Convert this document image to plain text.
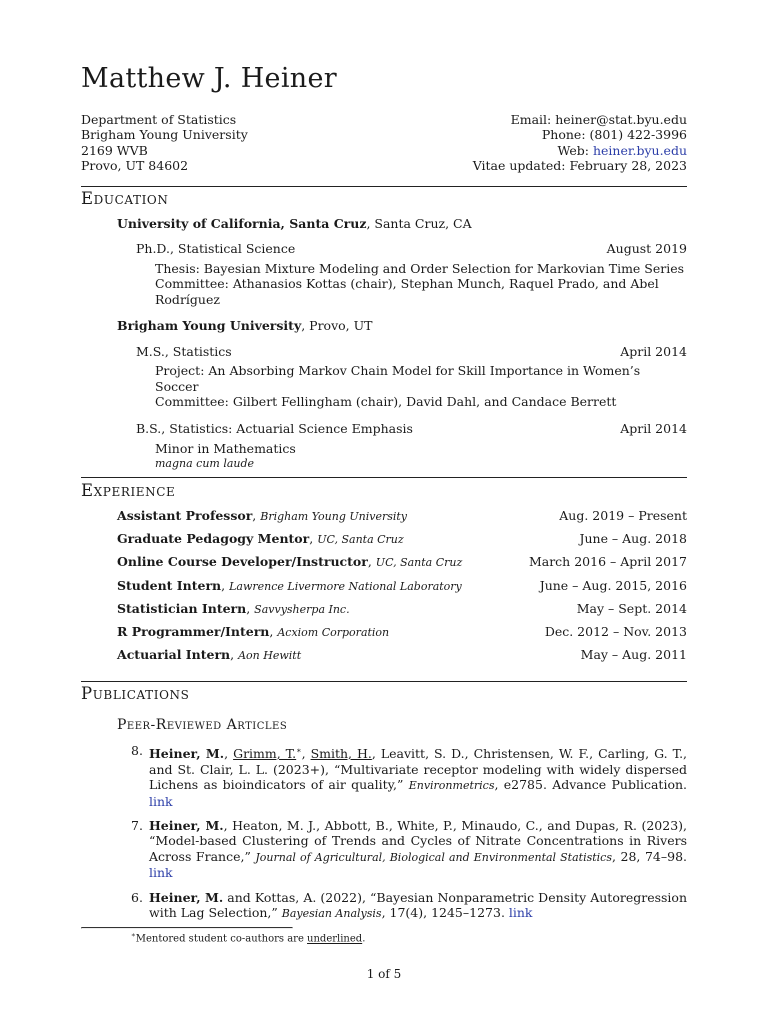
Matthew J. Heiner
Department of Statistics
Brigham Young University
2169 WVB
Provo, UT 84602
Email: heiner@stat.byu.edu
Phone: (801) 422-3996
Web: heiner.byu.edu
Vitae updated: February 28, 2023
Education
University of California, Santa Cruz, Santa Cruz, CA
Ph.D., Statistical Science	August 2019
Thesis: Bayesian Mixture Modeling and Order Selection for Markovian Time Series
Committee: Athanasios Kottas (chair), Stephan Munch, Raquel Prado, and Abel Rodríguez
Brigham Young University, Provo, UT
M.S., Statistics	April 2014
Project: An Absorbing Markov Chain Model for Skill Importance in Women’s Soccer
Committee: Gilbert Fellingham (chair), David Dahl, and Candace Berrett
B.S., Statistics: Actuarial Science Emphasis	April 2014
Minor in Mathematics
magna cum laude
Experience
Assistant Professor, Brigham Young University	Aug. 2019 – Present
Graduate Pedagogy Mentor, UC, Santa Cruz	June – Aug. 2018
Online Course Developer/Instructor, UC, Santa Cruz	March 2016 – April 2017
Student Intern, Lawrence Livermore National Laboratory	June – Aug. 2015, 2016
Statistician Intern, Savvysherpa Inc.	May – Sept. 2014
R Programmer/Intern, Acxiom Corporation	Dec. 2012 – Nov. 2013
Actuarial Intern, Aon Hewitt	May – Aug. 2011
Publications
Peer-Reviewed Articles
8. Heiner, M., Grimm, T.∗, Smith, H., Leavitt, S. D., Christensen, W. F., Carling, G. T., and St. Clair, L. L. (2023+), “Multivariate receptor modeling with widely dispersed Lichens as bioindicators of air quality,” Environmetrics, e2785. Advance Publication. link
7. Heiner, M., Heaton, M. J., Abbott, B., White, P., Minaudo, C., and Dupas, R. (2023), “Model-based Clustering of Trends and Cycles of Nitrate Concentrations in Rivers Across France,” Journal of Agricultural, Biological and Environmental Statistics, 28, 74–98. link
6. Heiner, M. and Kottas, A. (2022), “Bayesian Nonparametric Density Autoregression with Lag Selection,” Bayesian Analysis, 17(4), 1245–1273. link
∗Mentored student co-authors are underlined.
1 of 5
